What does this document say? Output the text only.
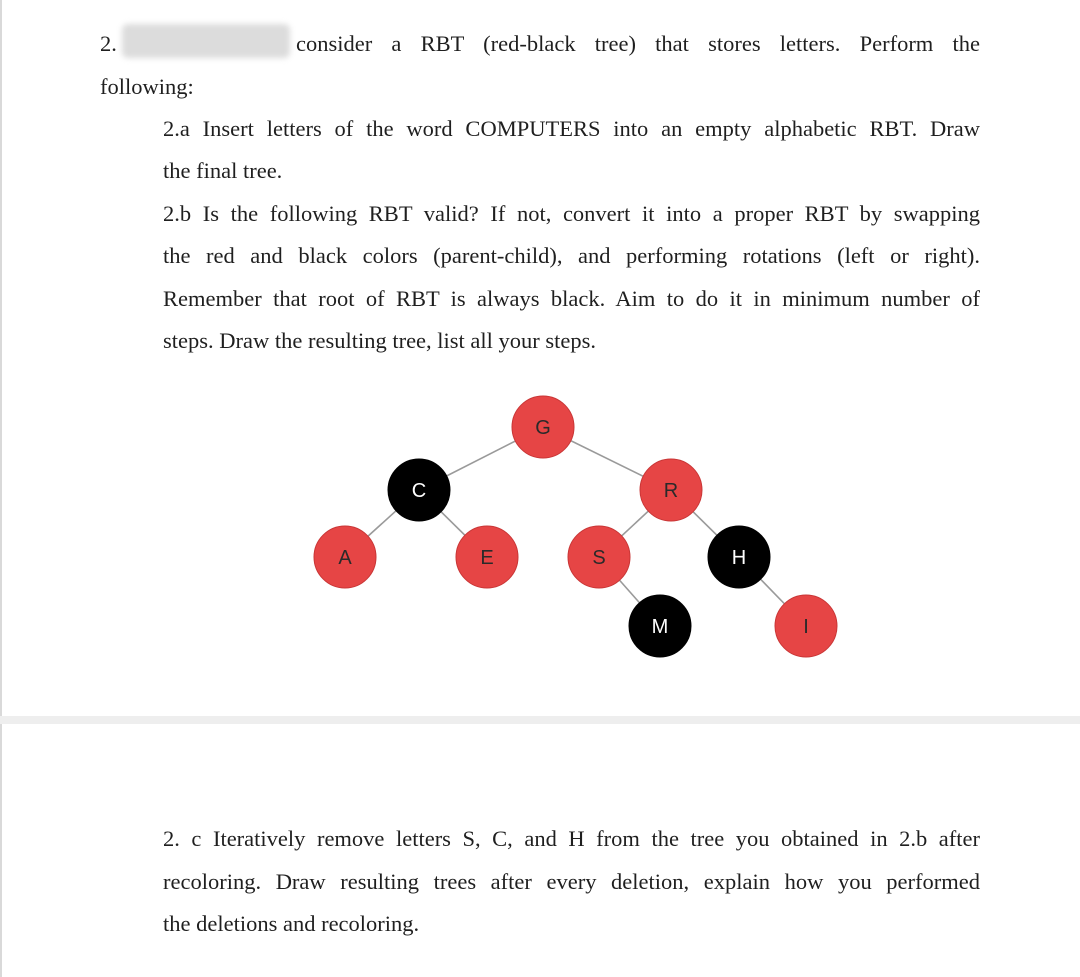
2.	consider a RBT (red-black tree) that stores letters. Perform the
following:
2.a Insert letters of the word COMPUTERS into an empty alphabetic RBT. Draw
the final tree.
2.b Is the following RBT valid? If not, convert it into a proper RBT by swapping
the red and black colors (parent-child), and performing rotations (left or right).
Remember that root of RBT is always black. Aim to do it in minimum number of
steps. Draw the resulting tree, list all your steps.
G
C	R
A	E	S	H
M	I
2. c Iteratively remove letters S, C, and H from the tree you obtained in 2.b after
recoloring. Draw resulting trees after every deletion, explain how you performed
the deletions and recoloring.
